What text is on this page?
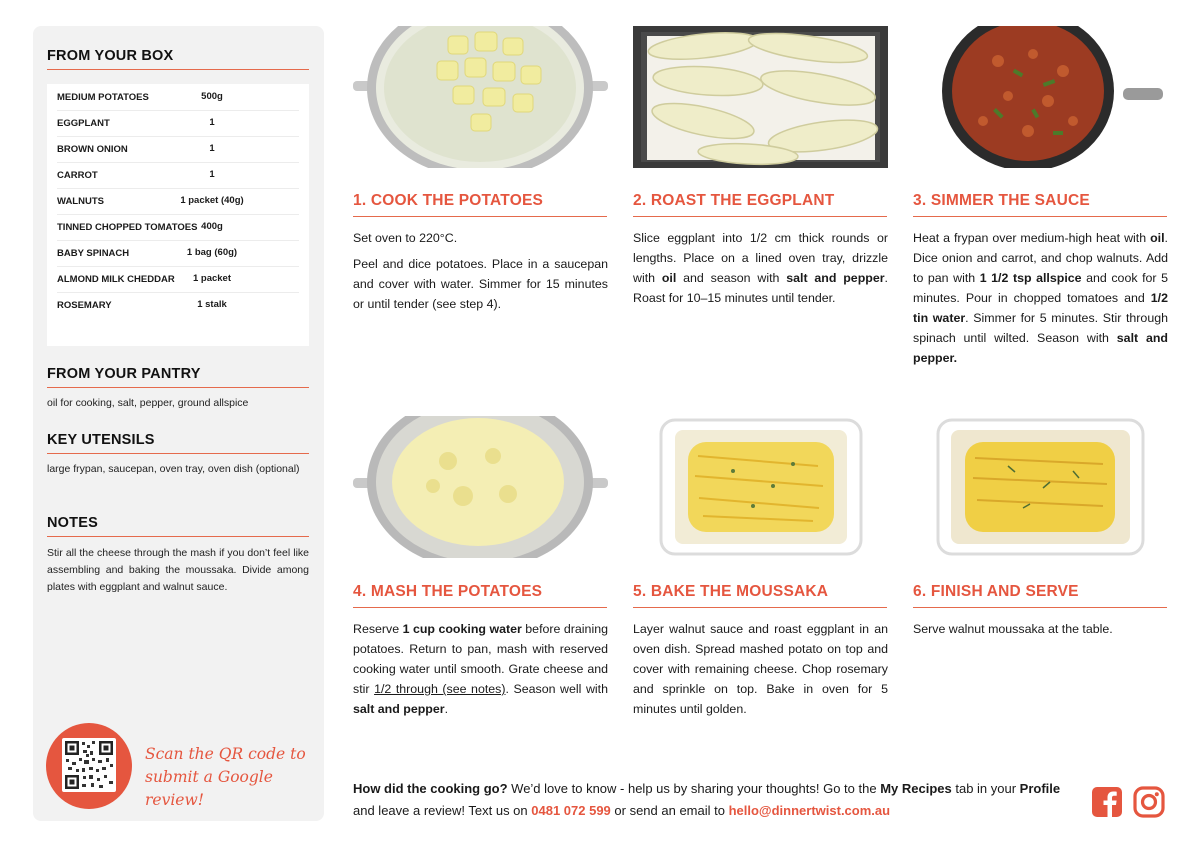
FROM YOUR BOX
MEDIUM POTATOES	500g
EGGPLANT	1
BROWN ONION	1
CARROT	1
WALNUTS	1 packet (40g)
TINNED CHOPPED TOMATOES 400g
BABY SPINACH	1 bag (60g)
ALMOND MILK CHEDDAR	1 packet
ROSEMARY	1 stalk
FROM YOUR PANTRY
oil for cooking, salt, pepper, ground allspice
KEY UTENSILS
large frypan, saucepan, oven tray, oven dish (optional)
NOTES
Stir all the cheese through the mash if you don’t feel like assembling and baking the moussaka. Divide among plates with eggplant and walnut sauce.
Scan the QR code to
submit a Google review!
1. COOK THE POTATOES

Set oven to 220°C.

Peel and dice potatoes. Place in a saucepan and cover with water. Simmer for 15 minutes or until tender (see step 4).

2. ROAST THE EGGPLANT
Slice eggplant into 1/2 cm thick rounds or lengths. Place on a lined oven tray, drizzle with oil and season with salt and pepper. Roast for 10–15 minutes until tender.
3. SIMMER THE SAUCE
Heat a frypan over medium-high heat with oil. Dice onion and carrot, and chop walnuts. Add to pan with 1 1/2 tsp allspice and cook for 5 minutes. Pour in chopped tomatoes and 1/2 tin water. Simmer for 5 minutes. Stir through spinach until wilted. Season with salt and pepper.
4. MASH THE POTATOES
Reserve 1 cup cooking water before draining potatoes. Return to pan, mash with reserved cooking water until smooth. Grate cheese and stir 1/2 through (see notes). Season well with salt and pepper.
5. BAKE THE MOUSSAKA
Layer walnut sauce and roast eggplant in an oven dish. Spread mashed potato on top and cover with remaining cheese. Chop rosemary and sprinkle on top. Bake in oven for 5 minutes until golden.
6. FINISH AND SERVE
Serve walnut moussaka at the table.
How did the cooking go? We’d love to know - help us by sharing your thoughts! Go to the My Recipes tab in your Profile and leave a review! Text us on 0481 072 599 or send an email to hello@dinnertwist.com.au
